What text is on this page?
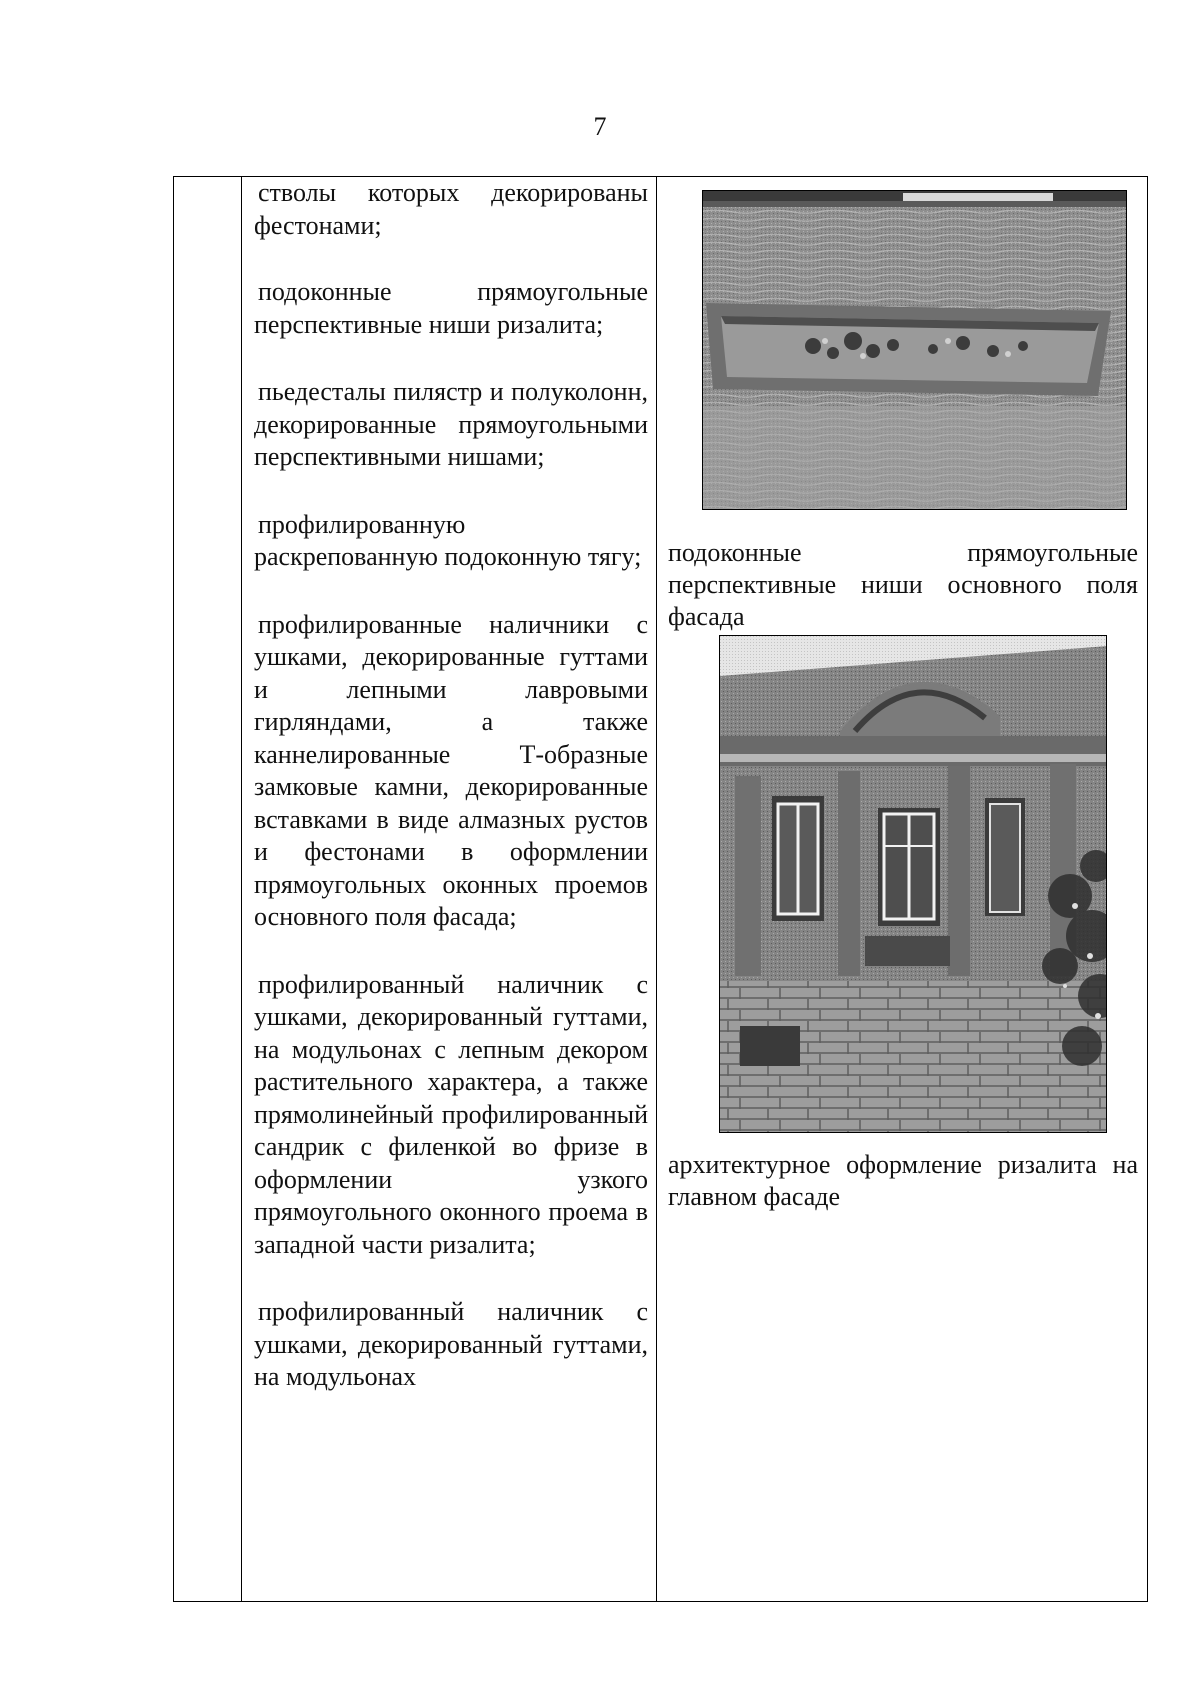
7

стволы которых декорированы фестонами;

подоконные прямоугольные перспективные ниши ризалита;

пьедесталы пилястр и полуколонн, декорированные прямоугольными перспективными нишами;

профилированную раскрепованную подоконную тягу;

профилированные наличники с ушками, декорированные гуттами и лепными лавровыми гирляндами, а также каннелированные Т-образные замковые камни, декорированные вставками в виде алмазных рустов и фестонами в оформлении прямоугольных оконных проемов основного поля фасада;

профилированный наличник с ушками, декорированный гуттами, на модульонах с лепным декором растительного характера, а также прямолинейный профилированный сандрик с филенкой во фризе в оформлении узкого прямоугольного оконного проема в западной части ризалита;

профилированный наличник с ушками, декорированный гуттами, на модульонах

подоконные прямоугольные перспективные ниши основного поля фасада

архитектурное оформление ризалита на главном фасаде
